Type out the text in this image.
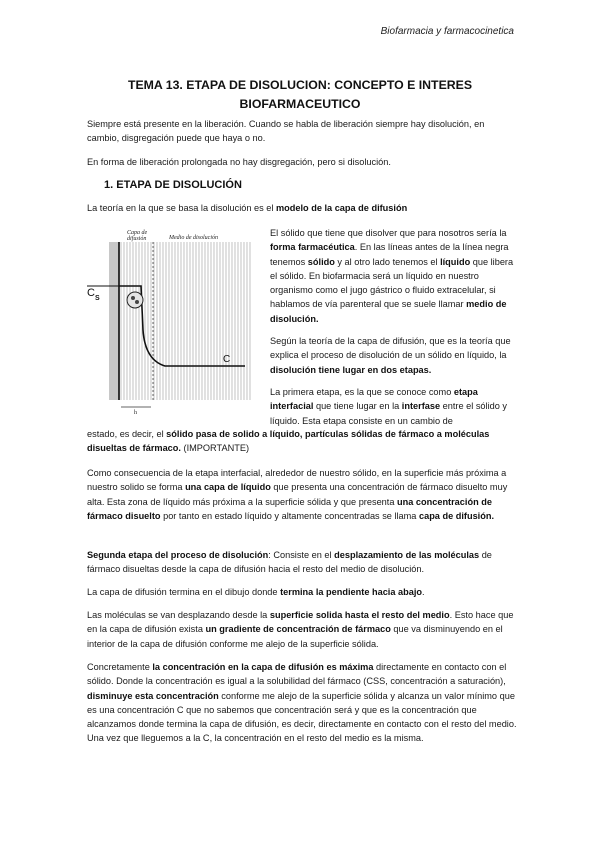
Biofarmacia y farmacocinetica
TEMA 13. ETAPA DE DISOLUCION: CONCEPTO E INTERES
BIOFARMACEUTICO

Siempre está presente en la liberación. Cuando se habla de liberación siempre hay disolución, en cambio, disgregación puede que haya o no.

En forma de liberación prolongada no hay disgregación, pero si disolución.

1. ETAPA DE DISOLUCIÓN

La teoría en la que se basa la disolución es el modelo de la capa de difusión

Capa de
difusión	Medio de disolución
C S
C
h

El sólido que tiene que disolver que para nosotros sería la forma farmacéutica. En las líneas antes de la línea negra tenemos sólido y al otro lado tenemos el líquido que libera el sólido. En biofarmacia será un líquido en nuestro organismo como el jugo gástrico o fluido extracelular, si hablamos de vía parenteral que se suele llamar medio de disolución.

Según la teoría de la capa de difusión, que es la teoría que explica el proceso de disolución de un sólido en líquido, la disolución tiene lugar en dos etapas.

La primera etapa, es la que se conoce como etapa interfacial que tiene lugar en la interfase entre el sólido y líquido. Esta etapa consiste en un cambio de

estado, es decir, el sólido pasa de solido a líquido, partículas sólidas de fármaco a moléculas disueltas de fármaco. (IMPORTANTE)

Como consecuencia de la etapa interfacial, alrededor de nuestro sólido, en la superficie más próxima a nuestro solido se forma una capa de líquido que presenta una concentración de fármaco disuelto muy alta. Esta zona de líquido más próxima a la superficie sólida y que presenta una concentración de fármaco disuelto por tanto en estado líquido y altamente concentradas se llama capa de difusión.

Segunda etapa del proceso de disolución: Consiste en el desplazamiento de las moléculas de fármaco disueltas desde la capa de difusión hacia el resto del medio de disolución.

La capa de difusión termina en el dibujo donde termina la pendiente hacia abajo.

Las moléculas se van desplazando desde la superficie solida hasta el resto del medio. Esto hace que en la capa de difusión exista un gradiente de concentración de fármaco que va disminuyendo en el interior de la capa de difusión conforme me alejo de la superficie sólida.

Concretamente la concentración en la capa de difusión es máxima directamente en contacto con el sólido. Donde la concentración es igual a la solubilidad del fármaco (CSS, concentración a saturación), disminuye esta concentración conforme me alejo de la superficie sólida y alcanza un valor mínimo que es una concentración C que no sabemos que concentración será y que es la concentración que alcanzamos donde termina la capa de difusión, es decir, directamente en contacto con el resto del medio. Una vez que lleguemos a la C, la concentración en el resto del medio es la misma.
